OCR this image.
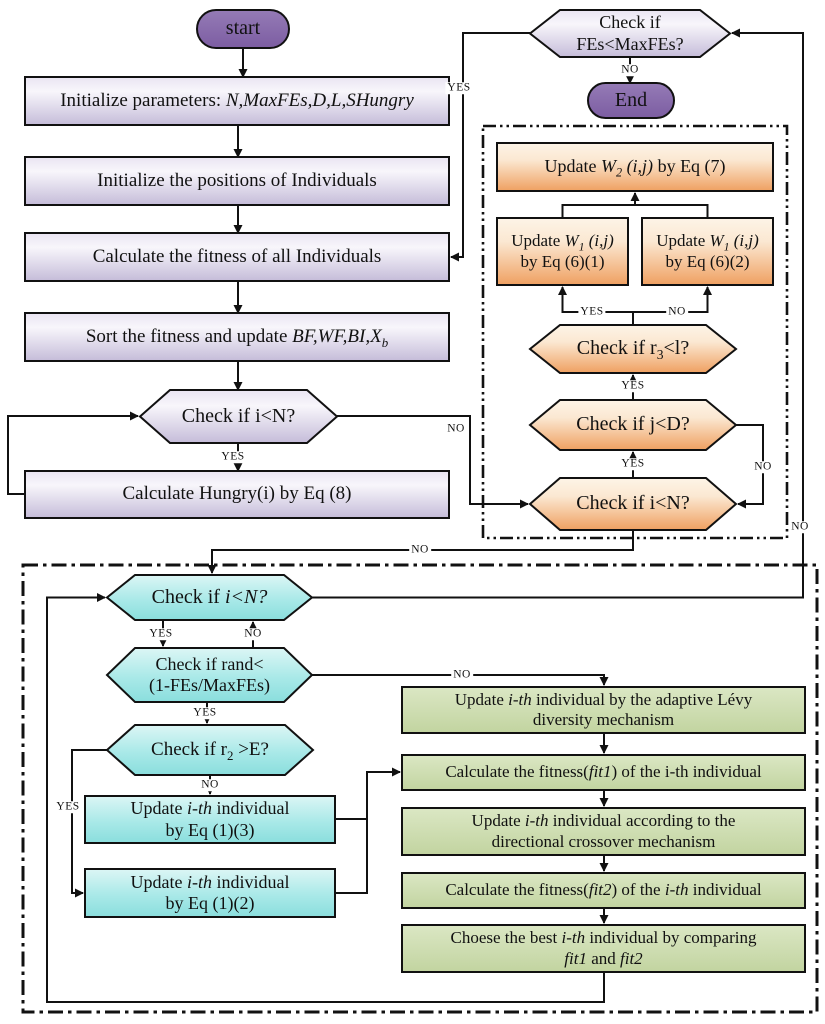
start
Initialize parameters: N,MaxFEs,D,L,SHungry
Initialize the positions of Individuals
Calculate the fitness of all Individuals
Sort the fitness and update $BF,WF,BI,X_b$
Check if i<N?
Calculate Hungry(i) by Eq (8)
Check if
FEs<MaxFEs?
End
Update $W_2$ (i,j) by Eq (7)
Update $W_1$ (i,j)
by Eq (6)(1)
Update $W_1$ (i,j)
by Eq (6)(2)
Check if $r_3<l$?
Check if j<D?
Check if i<N?
Check if i<N?
Check if rand<
(1-FEs/MaxFEs)
Check if $r_2 >E$?
Update i-th individual
by Eq (1)(3)
Update i-th individual
by Eq (1)(2)
Update i-th individual by the adaptive Lévy
diversity mechanism
Calculate the fitness(fit1) of the i-th individual
Update i-th individual according to the
directional crossover mechanism
Calculate the fitness(fit2) of the i-th individual
Choese the best i-th individual by comparing
fit1 and fit2
YES
NO
YES
NO
NO
YES	NO
YES
NO
YES
NO
YES	NO
NO
YES
NO
YES
